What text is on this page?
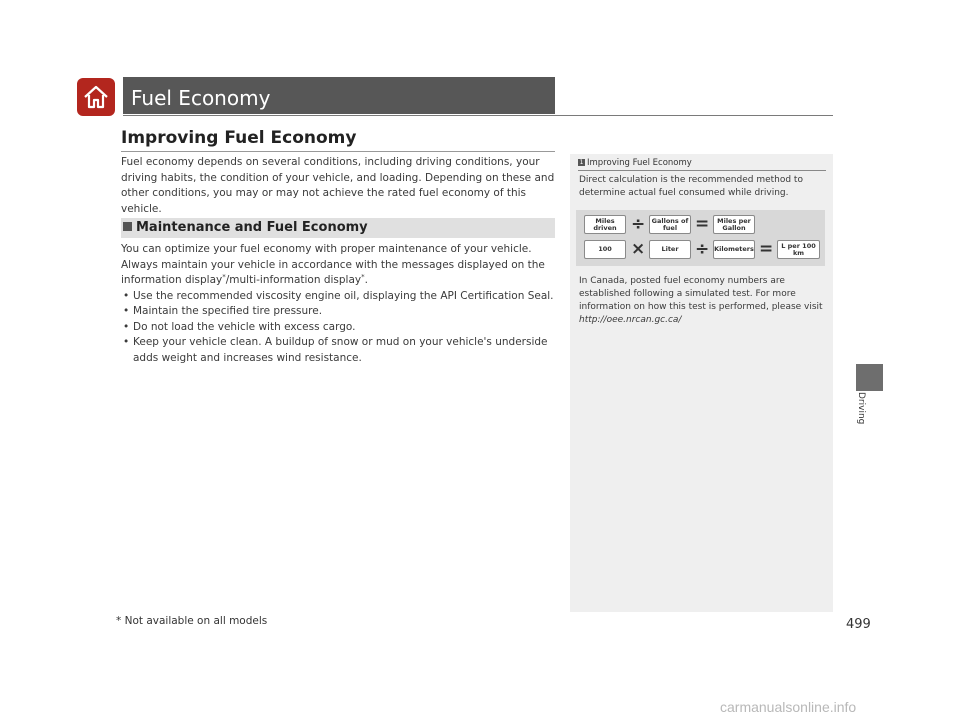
Fuel Economy
Improving Fuel Economy
Fuel economy depends on several conditions, including driving conditions, your driving habits, the condition of your vehicle, and loading. Depending on these and other conditions, you may or may not achieve the rated fuel economy of this vehicle.
Maintenance and Fuel Economy
You can optimize your fuel economy with proper maintenance of your vehicle. Always maintain your vehicle in accordance with the messages displayed on the information display*/multi-information display*.
• Use the recommended viscosity engine oil, displaying the API Certification Seal.
• Maintain the specified tire pressure.
• Do not load the vehicle with excess cargo.
• Keep your vehicle clean. A buildup of snow or mud on your vehicle's underside adds weight and increases wind resistance.
1 Improving Fuel Economy
Direct calculation is the recommended method to determine actual fuel consumed while driving.
Miles driven ÷ Gallons of fuel	=	Miles per Gallon
100	×	Liter ÷ Kilometers =	L per 100 km
In Canada, posted fuel economy numbers are established following a simulated test. For more information on how this test is performed, please visit http://oee.nrcan.gc.ca/
Driving
* Not available on all models	499
carmanualsonline.info
